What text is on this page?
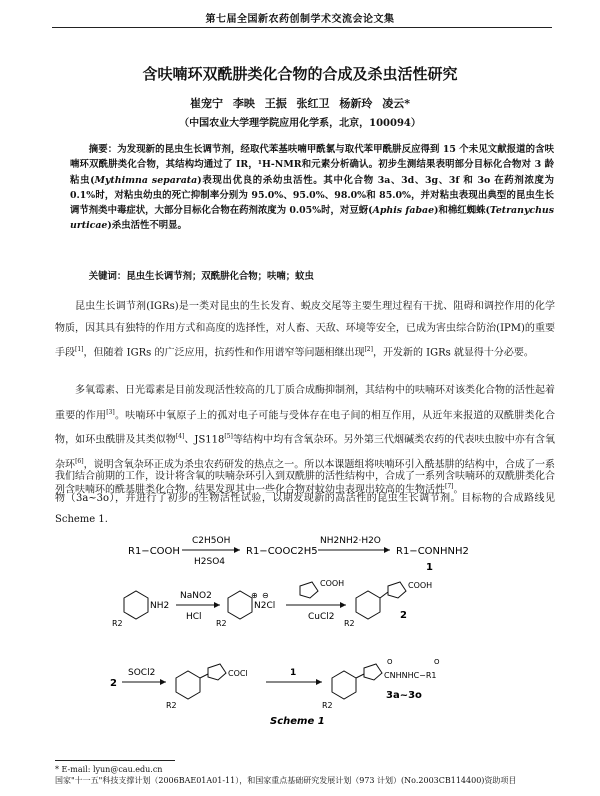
第七届全国新农药创制学术交流会论文集
含呋喃环双酰肼类化合物的合成及杀虫活性研究
崔宠宁 李映 王振 张红卫 杨新玲 凌云*
（中国农业大学理学院应用化学系，北京，100094）
摘要：为发现新的昆虫生长调节剂，经取代苯基呋喃甲酰氯与取代苯甲酰肼反应得到 15 个未见文献报道的含呋喃环双酰肼类化合物，其结构均通过了 IR，¹H-NMR和元素分析确认。初步生测结果表明部分目标化合物对 3 龄粘虫(Mythimna separata)表现出优良的杀幼虫活性。其中化合物 3a、3d、3g、3f 和 3o 在药剂浓度为 0.1%时，对粘虫幼虫的死亡抑制率分别为 95.0%、95.0%、98.0%和 85.0%，并对粘虫表现出典型的昆虫生长调节剂类中毒症状，大部分目标化合物在药剂浓度为 0.05%时，对豆蚜(Aphis fabae)和棉红蜘蛛(Tetranychus urticae)杀虫活性不明显。
关键词：昆虫生长调节剂；双酰肼化合物；呋喃；蚊虫
昆虫生长调节剂(IGRs)是一类对昆虫的生长发育、蜕皮交尾等主要生理过程有干扰、阻碍和调控作用的化学物质，因其具有独特的作用方式和高度的选择性，对人畜、天敌、环境等安全，已成为害虫综合防治(IPM)的重要手段[1]，但随着 IGRs 的广泛应用，抗药性和作用谱窄等问题相继出现[2]，开发新的 IGRs 就显得十分必要。
多氧霉素、日光霉素是目前发现活性较高的几丁质合成酶抑制剂，其结构中的呋喃环对该类化合物的活性起着重要的作用[3]。呋喃环中氧原子上的孤对电子可能与受体存在电子间的相互作用，从近年来报道的双酰肼类化合物，如环虫酰肼及其类似物[4]、JS118[5]等结构中均有含氧杂环。另外第三代烟碱类农药的代表呋虫胺中亦有含氧杂环[6]，说明含氧杂环正成为杀虫农药研发的热点之一。所以本课题组将呋喃环引入酰基肼的结构中，合成了一系列含呋喃环的酰基肼类化合物，结果发现其中一些化合物对蚊幼虫表现出较高的生物活性[7]。
我们结合前期的工作，设计将含氧的呋喃杂环引入到双酰肼的活性结构中，合成了一系列含呋喃环的双酰肼类化合物（3a~3o），并进行了初步的生物活性试验，以期发现新的高活性的昆虫生长调节剂。目标物的合成路线见 Scheme 1.
R1−COOH
C2H5OH
H2SO4
R1−COOC2H5
NH2NH2·H2O
R1−CONHNH2
1
NH2
R2
NaNO2
HCl
⊕ ⊖
N2Cl
R2
COOH
CuCl2
COOH
R2
2
2
SOCl2	COCl
R2
1
O	O
CNHNHC−R1
R2
3a~3o
Scheme 1
* E-mail: lyun@cau.edu.cn
国家"十一五"科技支撑计划（2006BAE01A01-11），和国家重点基础研究发展计划（973 计划）(No.2003CB114400)资助项目
